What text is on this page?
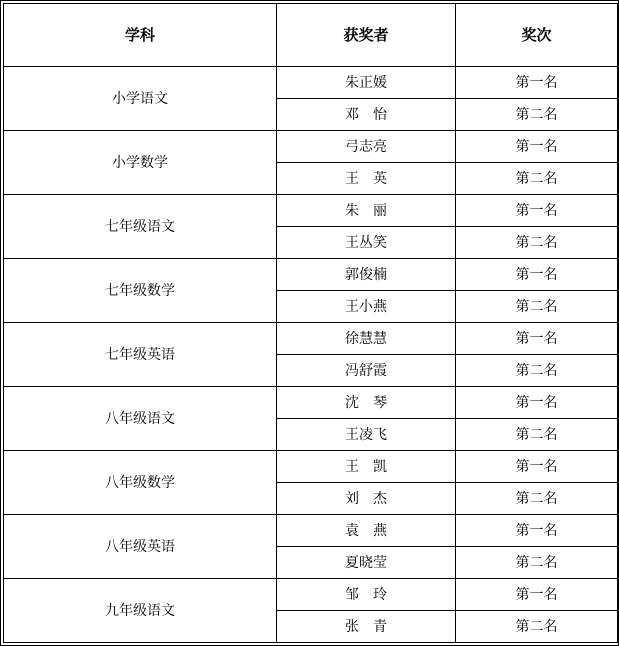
学科	获奖者	奖次
小学语文	朱正媛	第一名
	邓　怡	第二名
小学数学	弓志亮	第一名
	王　英	第二名
七年级语文	朱　丽	第一名
	王丛笑	第二名
七年级数学	郭俊楠	第一名
	王小燕	第二名
七年级英语	徐慧慧	第一名
	冯舒霞	第二名
八年级语文	沈　琴	第一名
	王凌飞	第二名
八年级数学	王　凯	第一名
	刘　杰	第二名
八年级英语	袁　燕	第一名
	夏晓莹	第二名
九年级语文	邹　玲	第一名
	张　青	第二名
